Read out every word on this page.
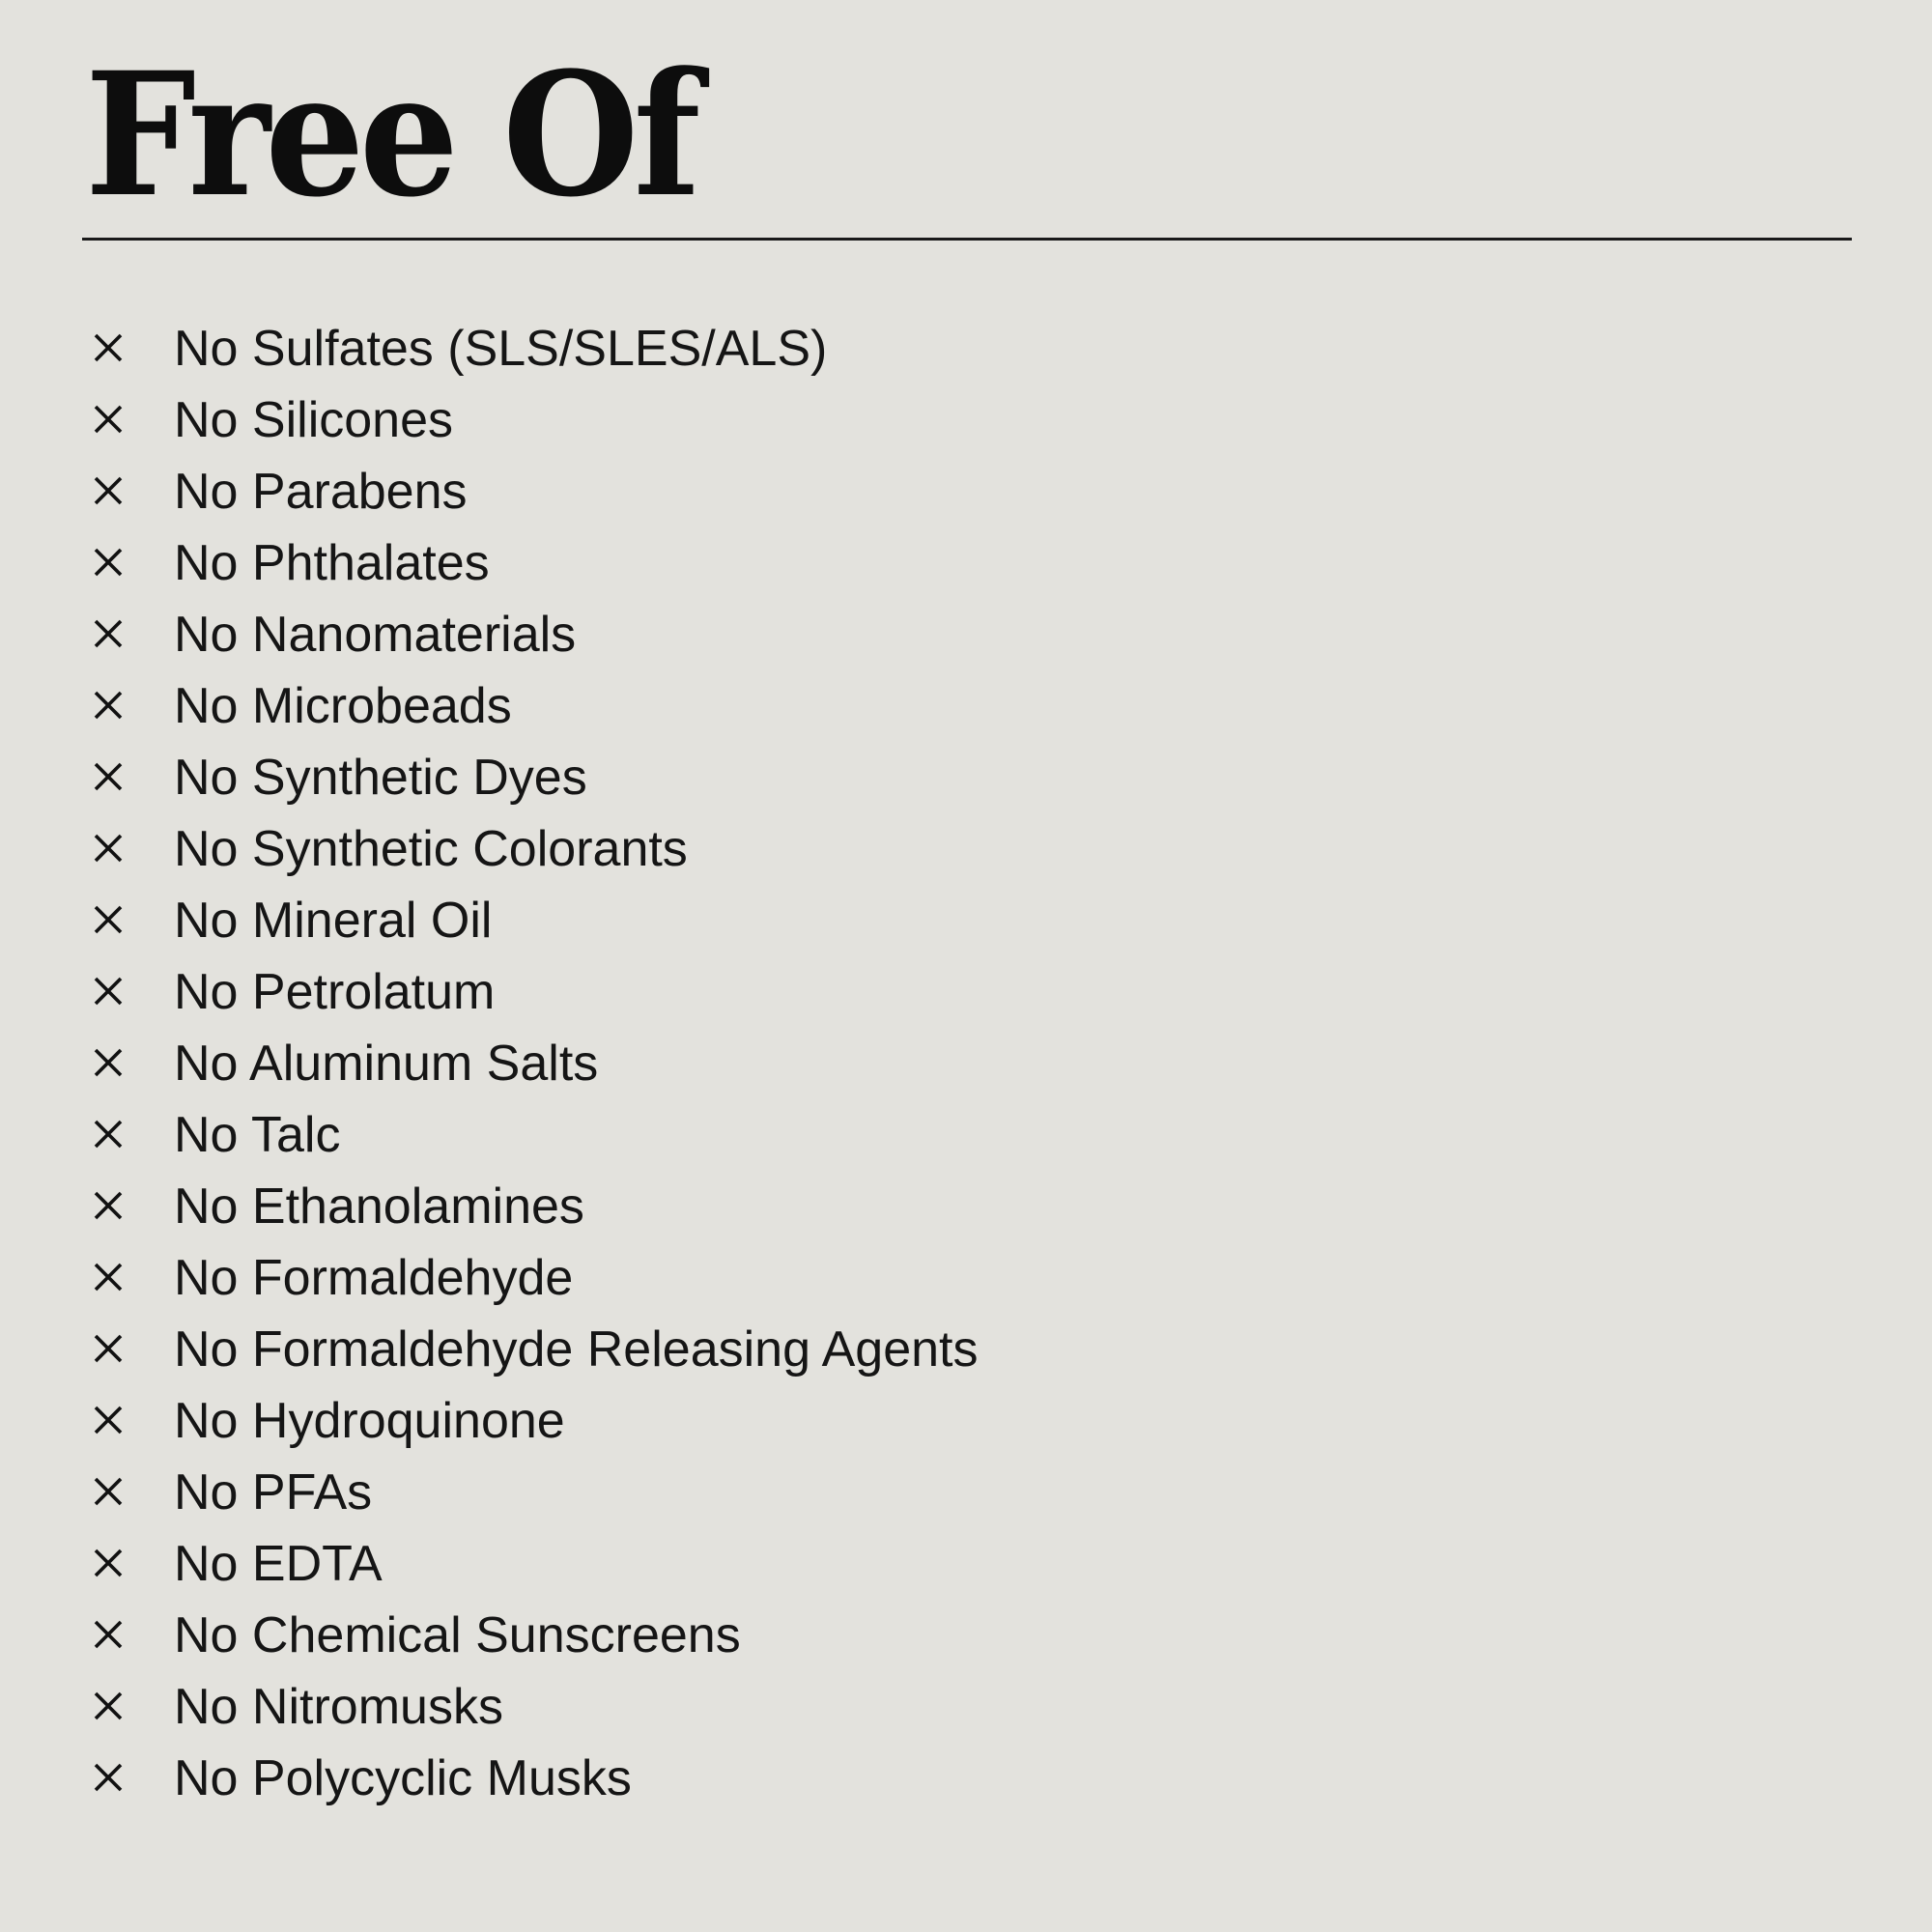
Free Of
No Sulfates (SLS/SLES/ALS)
No Silicones
No Parabens
No Phthalates
No Nanomaterials
No Microbeads
No Synthetic Dyes
No Synthetic Colorants
No Mineral Oil
No Petrolatum
No Aluminum Salts
No Talc
No Ethanolamines
No Formaldehyde
No Formaldehyde Releasing Agents
No Hydroquinone
No PFAs
No EDTA
No Chemical Sunscreens
No Nitromusks
No Polycyclic Musks
